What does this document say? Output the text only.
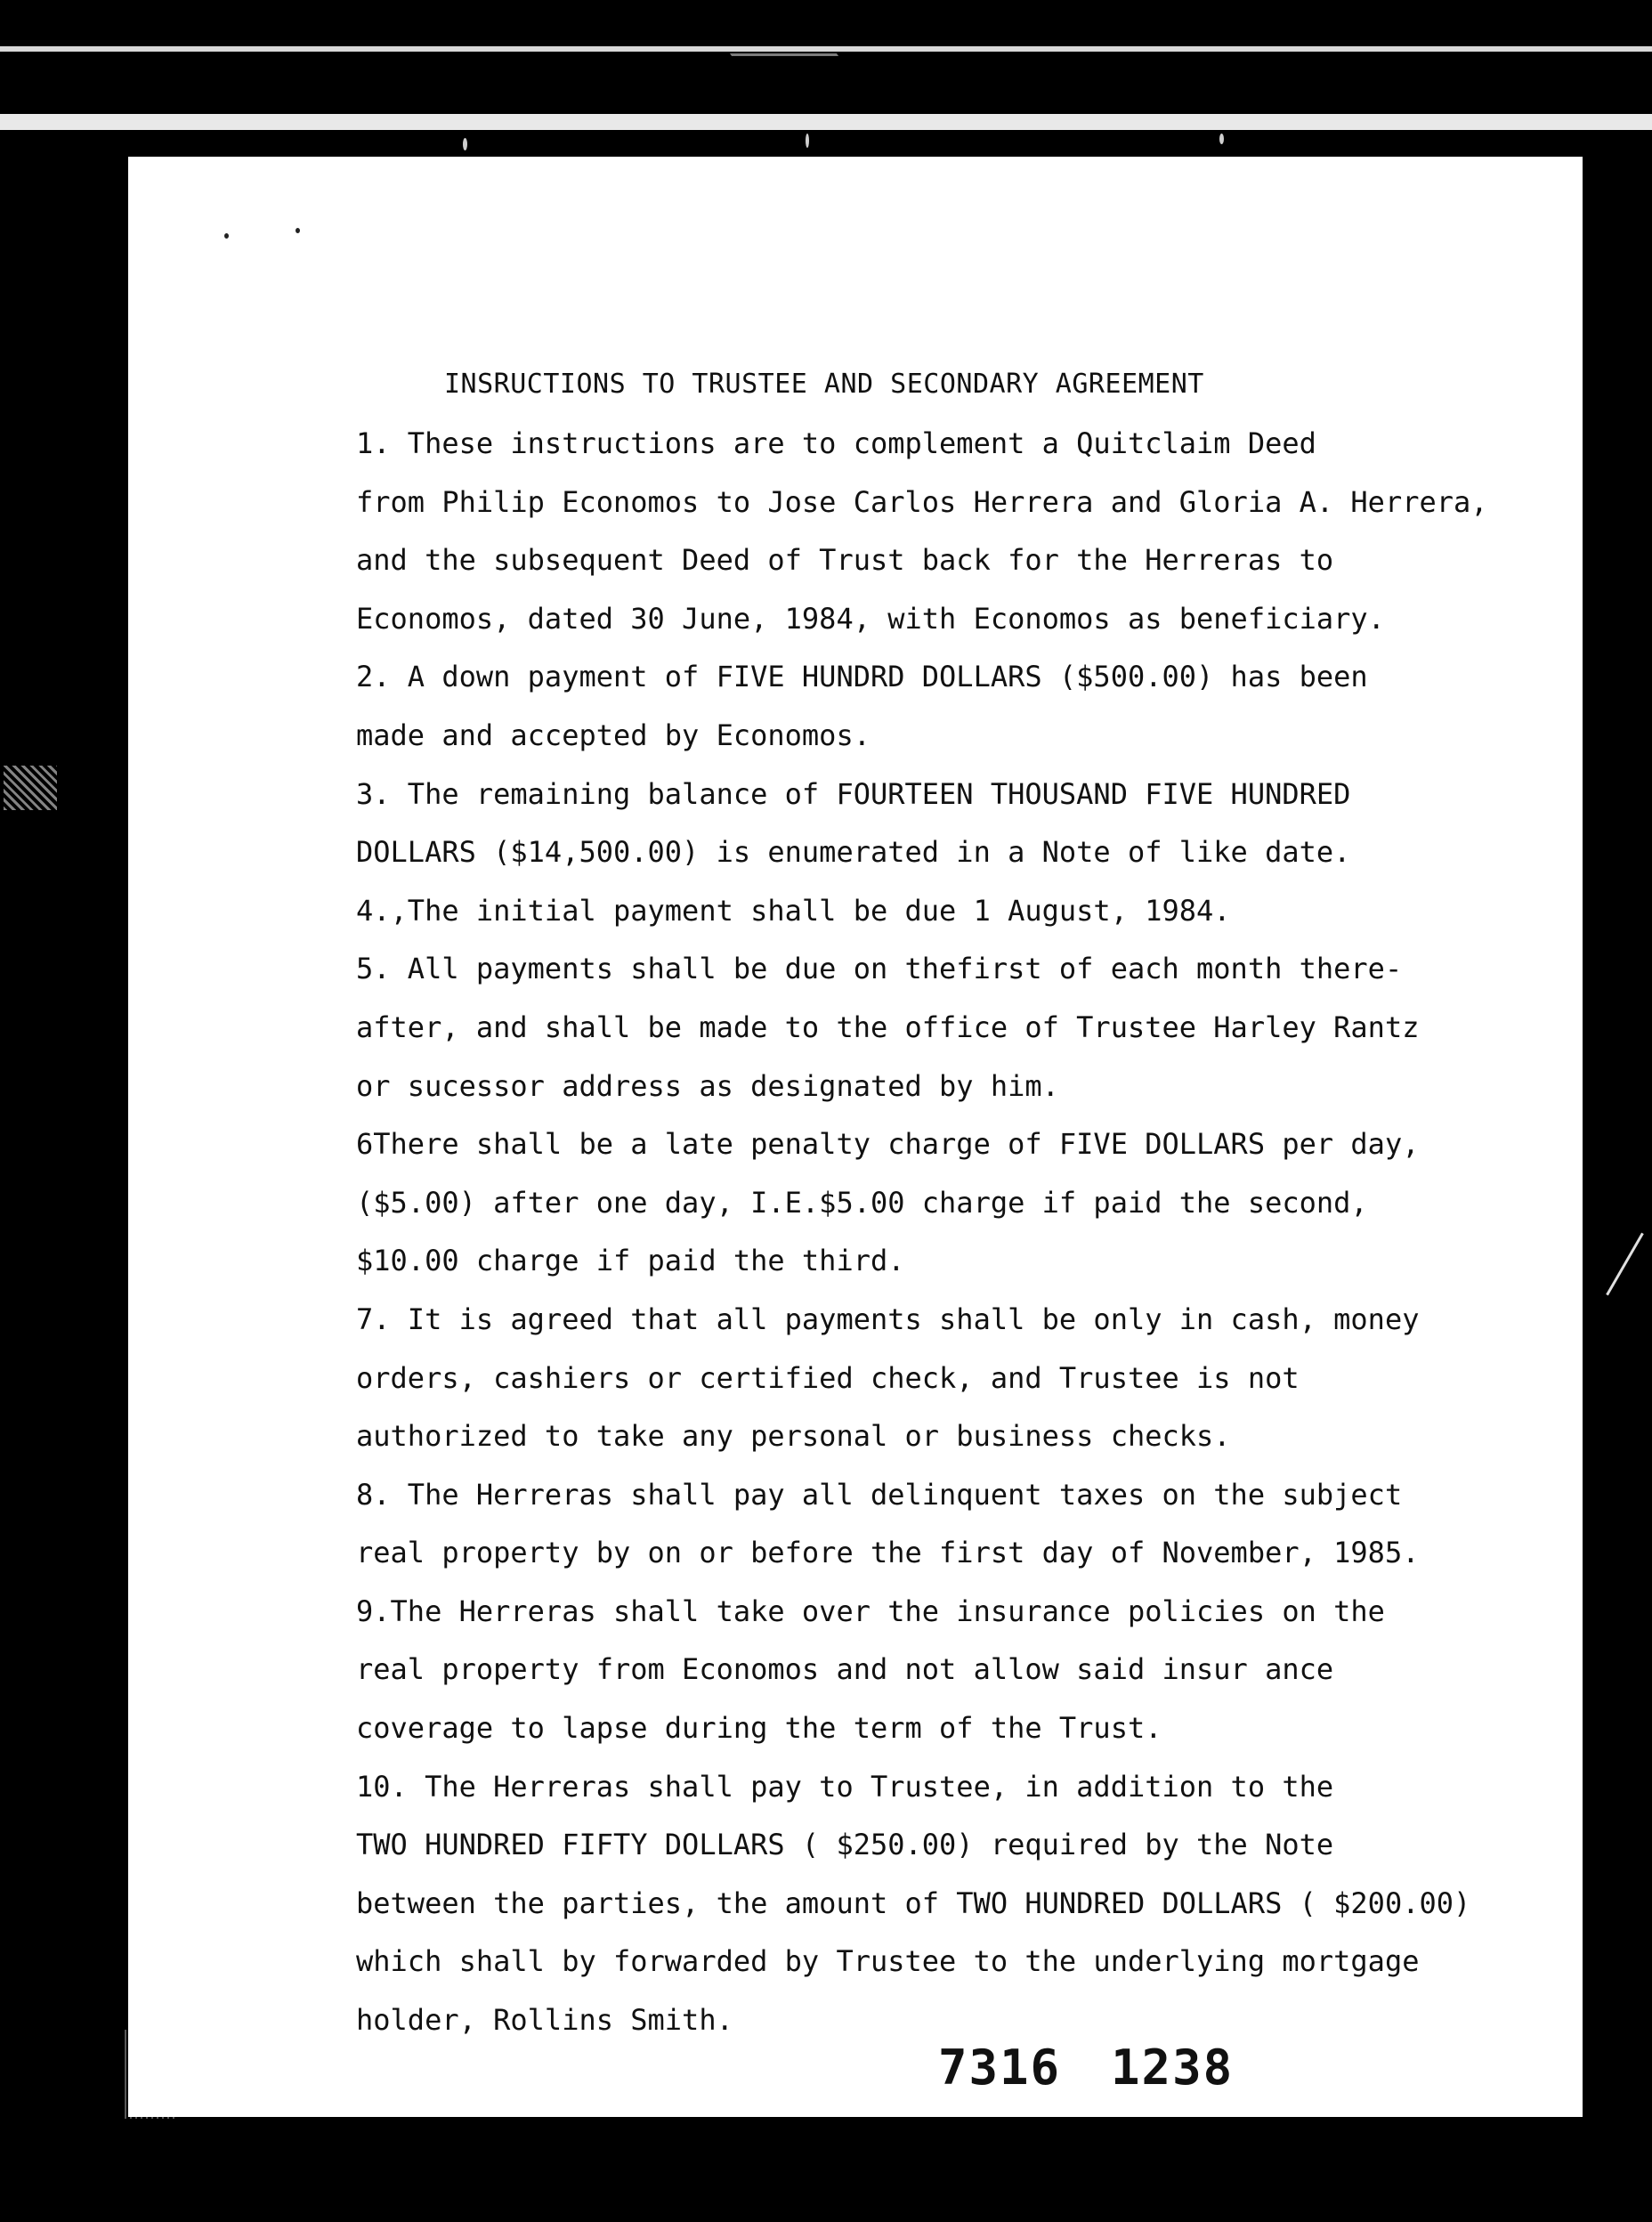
INSRUCTIONS TO TRUSTEE AND SECONDARY AGREEMENT
1. These instructions are to complement a Quitclaim Deed
from Philip Economos to Jose Carlos Herrera and Gloria A. Herrera,
and the subsequent Deed of Trust back for the Herreras to
Economos, dated 30 June, 1984, with Economos as beneficiary.
2. A down payment of FIVE HUNDRD DOLLARS ($500.00) has been
made and accepted by Economos.
3. The remaining balance of FOURTEEN THOUSAND FIVE HUNDRED
DOLLARS ($14,500.00) is enumerated in a Note of like date.
4.,The initial payment shall be due 1 August, 1984.
5. All payments shall be due on thefirst of each month there-
after, and shall be made to the office of Trustee Harley Rantz
or sucessor address as designated by him.
6There shall be a late penalty charge of FIVE DOLLARS per day,
($5.00) after one day, I.E.$5.00 charge if paid the second,
$10.00 charge if paid the third.
7. It is agreed that all payments shall be only in cash, money
orders, cashiers or certified check, and Trustee is not
authorized to take any personal or business checks.
8. The Herreras shall pay all delinquent taxes on the subject
real property by on or before the first day of November, 1985.
9.The Herreras shall take over the insurance policies on the
real property from Economos and not allow said insur ance
coverage to lapse during the term of the Trust.
10. The Herreras shall pay to Trustee, in addition to the
TWO HUNDRED FIFTY DOLLARS ( $250.00) required by the Note
between the parties, the amount of TWO HUNDRED DOLLARS ( $200.00)
which shall by forwarded by Trustee to the underlying mortgage
holder, Rollins Smith.
7316 1238
